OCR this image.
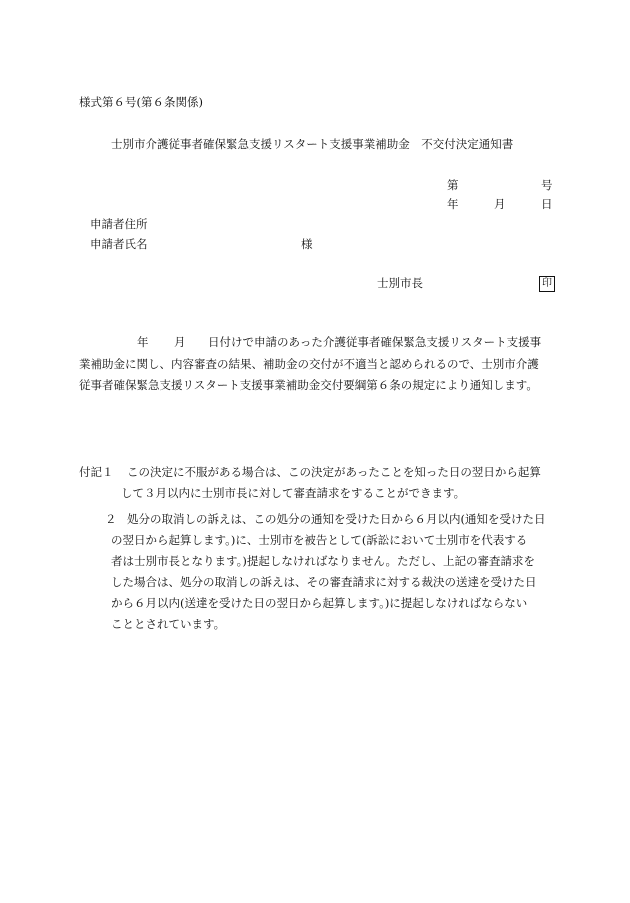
様式第６号(第６条関係)
士別市介護従事者確保緊急支援リスタート支援事業補助金　不交付決定通知書
第	号
年	月	日
申請者住所
申請者氏名	様
士別市長	印
年 月 日付けで申請のあった介護従事者確保緊急支援リスタート支援事
業補助金に関し、内容審査の結果、補助金の交付が不適当と認められるので、士別市介護
従事者確保緊急支援リスタート支援事業補助金交付要綱第６条の規定により通知します。
付記１ この決定に不服がある場合は、この決定があったことを知った日の翌日から起算
して３月以内に士別市長に対して審査請求をすることができます。
２ 処分の取消しの訴えは、この処分の通知を受けた日から６月以内(通知を受けた日
の翌日から起算します。)に、士別市を被告として(訴訟において士別市を代表する
者は士別市長となります。)提起しなければなりません。ただし、上記の審査請求を
した場合は、処分の取消しの訴えは、その審査請求に対する裁決の送達を受けた日
から６月以内(送達を受けた日の翌日から起算します。)に提起しなければならない
こととされています。
